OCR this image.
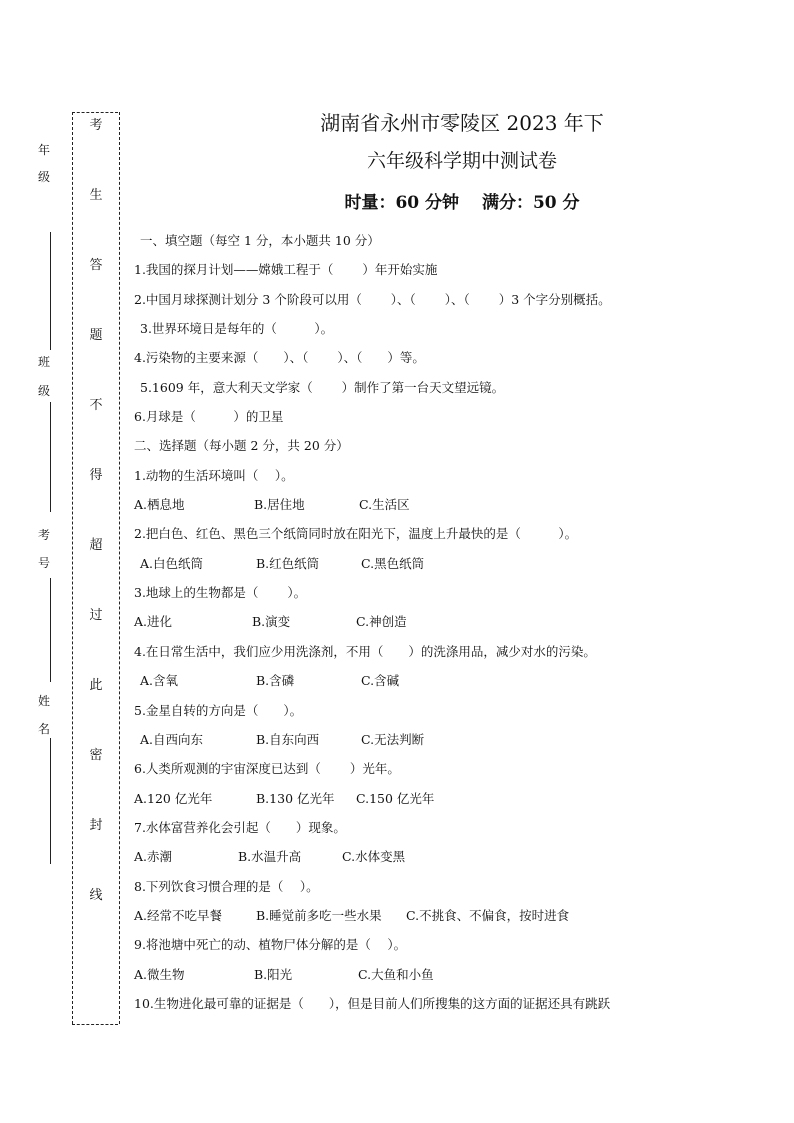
年
级
班
级
考
号
姓
名
考
生
答
题
不
得
超
过
此
密
封
线
湖南省永州市零陵区 2023 年下
六年级科学期中测试卷
时量：60 分钟　 满分：50 分
一、填空题（每空 1 分，本小题共 10 分）
1.我国的探月计划——嫦娥工程于（　　 ）年开始实施
2.中国月球探测计划分 3 个阶段可以用（　　 ）、（　　 ）、（　　 ）3 个字分别概括。
3.世界环境日是每年的（　　　）。
4.污染物的主要来源（　　）、（　　 ）、（　　）等。
5.1609 年，意大利天文学家（　　 ）制作了第一台天文望远镜。
6.月球是（　　　）的卫星
二、选择题（每小题 2 分，共 20 分）
1.动物的生活环境叫（　 ）。
A.栖息地	B.居住地	C.生活区
2.把白色、红色、黑色三个纸筒同时放在阳光下，温度上升最快的是（　　　）。
A.白色纸筒	B.红色纸筒	C.黑色纸筒
3.地球上的生物都是（　　 ）。
A.进化	B.演变	C.神创造
4.在日常生活中，我们应少用洗涤剂，不用（　　）的洗涤用品，减少对水的污染。
A.含氧	B.含磷	C.含碱
5.金星自转的方向是（　　）。
A.自西向东	B.自东向西	C.无法判断
6.人类所观测的宇宙深度已达到（　　 ）光年。
A.120 亿光年	B.130 亿光年 C.150 亿光年
7.水体富营养化会引起（　　）现象。
A.赤潮	B.水温升高	C.水体变黑
8.下列饮食习惯合理的是（　 ）。
A.经常不吃早餐	B.睡觉前多吃一些水果 C.不挑食、不偏食，按时进食
9.将池塘中死亡的动、植物尸体分解的是（　 ）。
A.微生物	B.阳光	C.大鱼和小鱼
10.生物进化最可靠的证据是（　　），但是目前人们所搜集的这方面的证据还具有跳跃
